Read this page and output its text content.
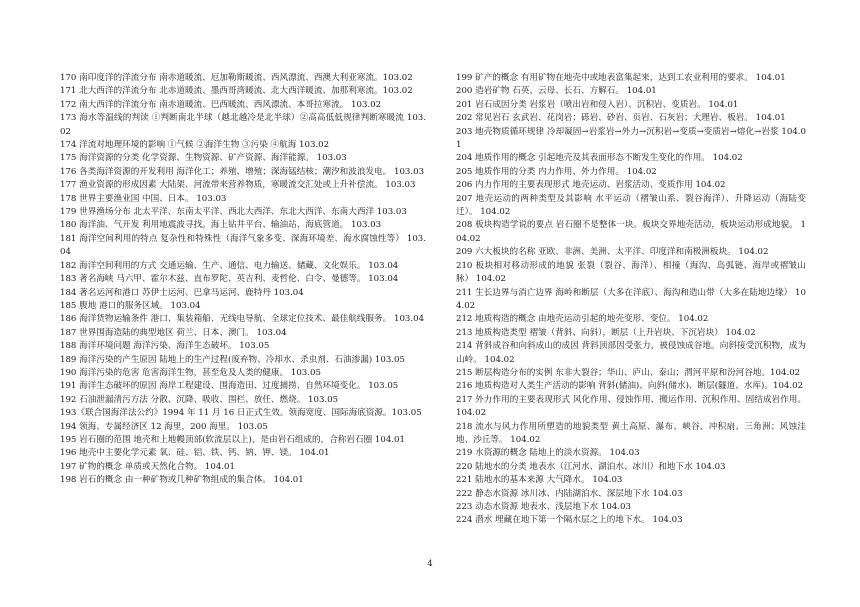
170 南印度洋的洋流分布 南赤道暖流、厄加勒斯暖流、西风漂流、西澳大利亚寒流。103.02

171 北大西洋的洋流分布 北赤道暖流、墨西哥湾暖流、北大西洋暖流、加那利寒流。103.02

172 南大西洋的洋流分布 南赤道暖流、巴西暖流、西风漂流、本哥拉寒流。 103.02

173 海水等温线的判读 ①判断南北半球（越北越冷是北半球）②高高低低规律判断寒暖流 103.02

174 洋流对地理环境的影响 ①气候 ②海洋生物 ③污染 ④航海 103.02

175 海洋资源的分类 化学资源、生物资源、矿产资源、海洋能源。 103.03

176 各类海洋资源的开发利用 海洋化工；养殖、增殖；深海锰结核；潮汐和波浪发电。 103.03

177 渔业资源的形成因素 大陆架、河流带来营养物质，寒暖流交汇处或上升补偿流。 103.03

178 世界主要渔业国 中国、日本。 103.03

179 世界渔场分布 北太平洋、东南太平洋、西北大西洋、东北大西洋、东南大西洋 103.03

180 海洋油、气开发 利用地震波寻找。海上钻井平台、输油站、海底管道。 103.03

181 海洋空间利用的特点 复杂性和特殊性（海洋气象多变、深海环境差、海水腐蚀性等） 103.04

182 海洋空间利用的方式 交通运输、生产、通信、电力输送、储藏、文化娱乐。 103.04

183 著名海峡 马六甲、霍尔木兹、直布罗陀、英吉利、麦哲伦、白令、曼德等。 103.04

184 著名运河和港口 苏伊士运河、巴拿马运河、鹿特丹 103.04

185 腹地 港口的服务区域。 103.04

186 海洋货物运输条件 港口、集装箱船、无线电导航、全球定位技术、最佳航线服务。 103.04

187 世界围海造陆的典型地区 荷兰、日本、澳门。 103.04

188 海洋环境问题 海洋污染、海洋生态破坏。 103.05

189 海洋污染的产生原因 陆地上的生产过程(废弃物、冷却水、杀虫剂、石油渗漏) 103.05

190 海洋污染的危害 危害海洋生物，甚至危及人类的健康。 103.05

191 海洋生态破坏的原因 海岸工程建设、围海造田、过度捕捞、自然环境变化。 103.05

192 石油泄漏清污方法 分散、沉降、吸收、围栏、放任、燃烧。 103.05

193《联合国海洋法公约》1994 年 11 月 16 日正式生效。领海宽度、国际海底资源。103.05

194 领海、专属经济区 12 海里，200 海里。 103.05

195 岩石圈的范围 地壳和上地幔顶部(软流层以上)，是由岩石组成的，合称岩石圈 104.01

196 地壳中主要化学元素 氧、硅、铝、铁、钙、钠、钾、镁。 104.01

197 矿物的概念 单质或天然化合物。 104.01

198 岩石的概念 由一种矿物或几种矿物组成的集合体。 104.01

199 矿产的概念 有用矿物在地壳中或地表富集起来，达到工农业利用的要求。 104.01

200 造岩矿物 石英、云母、长石、方解石。 104.01

201 岩石成因分类 岩浆岩（喷出岩和侵入岩）、沉积岩、变质岩。 104.01

202 常见岩石 玄武岩、花岗岩；砾岩、砂岩、页岩、石灰岩；大理岩、板岩。 104.01

203 地壳物质循环规律 冷却凝固→岩浆岩→外力→沉积岩→变质→变质岩→熔化→岩浆 104.01

204 地质作用的概念 引起地壳及其表面形态不断发生变化的作用。 104.02

205 地质作用的分类 内力作用、外力作用。 104.02

206 内力作用的主要表现形式 地壳运动、岩浆活动、变质作用 104.02

207 地壳运动的两种类型及其影响 水平运动（褶皱山系、裂谷海洋）、升降运动（海陆变迁）。 104.02

208 板块构造学说的要点 岩石圈不是整体一块。板块交界地壳活动，板块运动形成地貌。 104.02

209 六大板块的名称 亚欧、非洲、美洲、太平洋、印度洋和南极洲板块。 104.02

210 板块相对移动形成的地貌 张裂（裂谷、海洋）、相撞（海沟、岛弧链、海岸或褶皱山脉） 104.02

211 生长边界与消亡边界 海岭和断层（大多在洋底）、海沟和造山带（大多在陆地边缘） 104.02

212 地质构造的概念 由地壳运动引起的地壳变形、变位。 104.02

213 地质构造类型 褶皱（背斜、向斜），断层（上升岩块、下沉岩块） 104.02

214 背斜成谷和向斜成山的成因 背斜顶部因受张力，被侵蚀成谷地。向斜接受沉积物，成为山岭。 104.02

215 断层构造分布的实例 东非大裂谷；华山、庐山、泰山；渭河平原和汾河谷地。104.02

216 地质构造对人类生产活动的影响 背斜(储油)、向斜(储水)、断层(隧道、水库)。104.02

217 外力作用的主要表现形式 风化作用、侵蚀作用、搬运作用、沉积作用、固结成岩作用。 104.02

218 流水与风力作用所塑造的地貌类型 黄土高原、瀑布、峡谷、冲积扇、三角洲；风蚀洼地、沙丘等。 104.02

219 水资源的概念 陆地上的淡水资源。 104.03

220 陆地水的分类 地表水（江河水、湖泊水、冰川）和地下水 104.03

221 陆地水的基本来源 大气降水。 104.03

222 静态水资源 冰川冰、内陆湖泊水、深层地下水 104.03

223 动态水资源 地表水、浅层地下水 104.03

224 潜水 埋藏在地下第一个隔水层之上的地下水。 104.03

4
